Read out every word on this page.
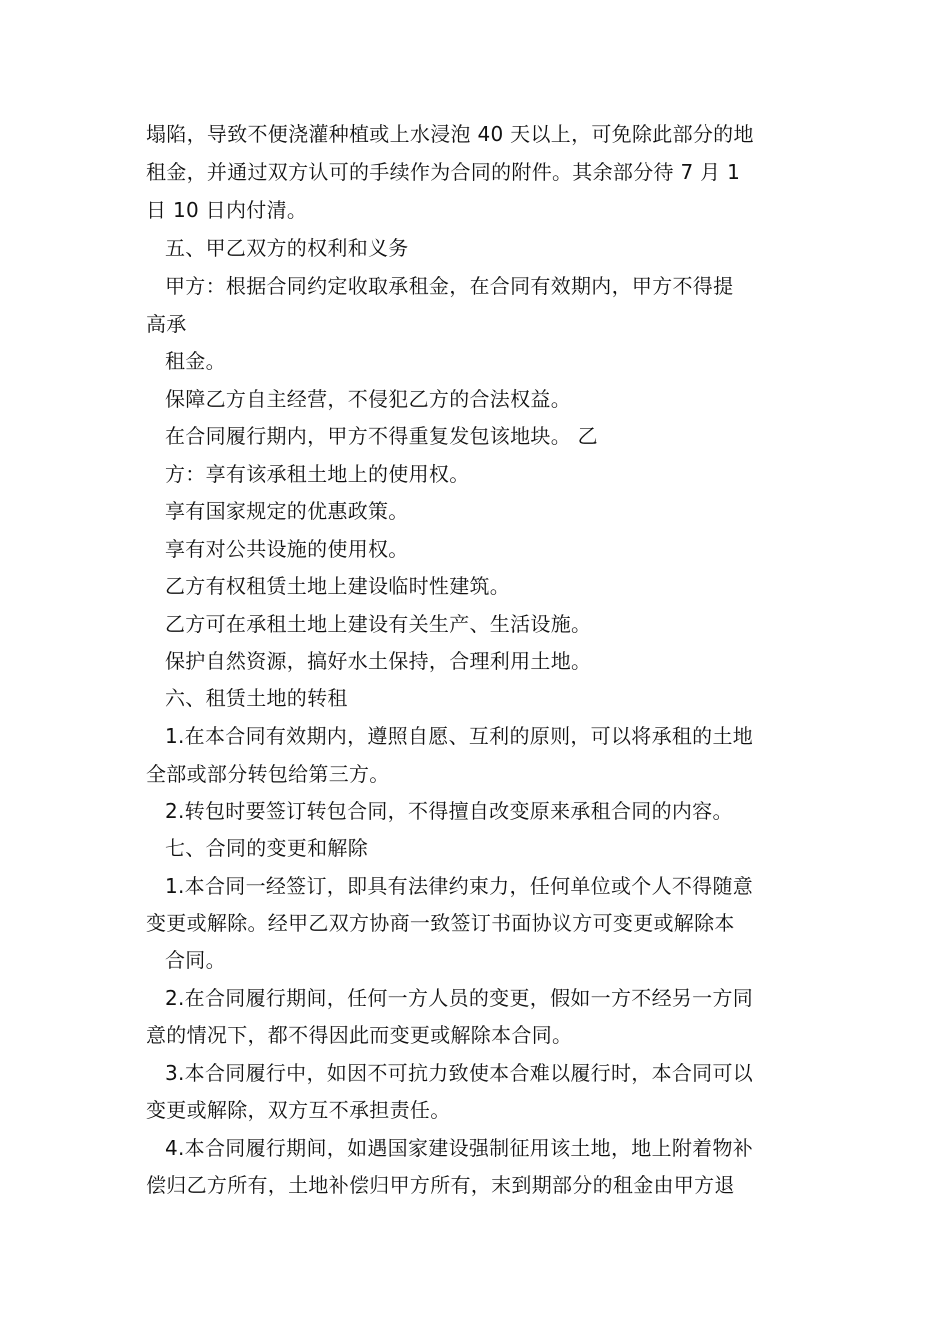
塌陷，导致不便浇灌种植或上水浸泡 40 天以上，可免除此部分的地
租金，并通过双方认可的手续作为合同的附件。其余部分待 7 月 1
日 10 日内付清。
五、甲乙双方的权利和义务
甲方：根据合同约定收取承租金，在合同有效期内，甲方不得提
高承
租金。
保障乙方自主经营，不侵犯乙方的合法权益。
在合同履行期内，甲方不得重复发包该地块。 乙
方：享有该承租土地上的使用权。
享有国家规定的优惠政策。
享有对公共设施的使用权。
乙方有权租赁土地上建设临时性建筑。
乙方可在承租土地上建设有关生产、生活设施。
保护自然资源，搞好水土保持，合理利用土地。
六、租赁土地的转租
1.在本合同有效期内，遵照自愿、互利的原则，可以将承租的土地
全部或部分转包给第三方。
2.转包时要签订转包合同，不得擅自改变原来承租合同的内容。
七、合同的变更和解除
1.本合同一经签订，即具有法律约束力，任何单位或个人不得随意
变更或解除。经甲乙双方协商一致签订书面协议方可变更或解除本
合同。
2.在合同履行期间，任何一方人员的变更，假如一方不经另一方同
意的情况下，都不得因此而变更或解除本合同。
3.本合同履行中，如因不可抗力致使本合难以履行时，本合同可以
变更或解除，双方互不承担责任。
4.本合同履行期间，如遇国家建设强制征用该土地，地上附着物补
偿归乙方所有，土地补偿归甲方所有，末到期部分的租金由甲方退
